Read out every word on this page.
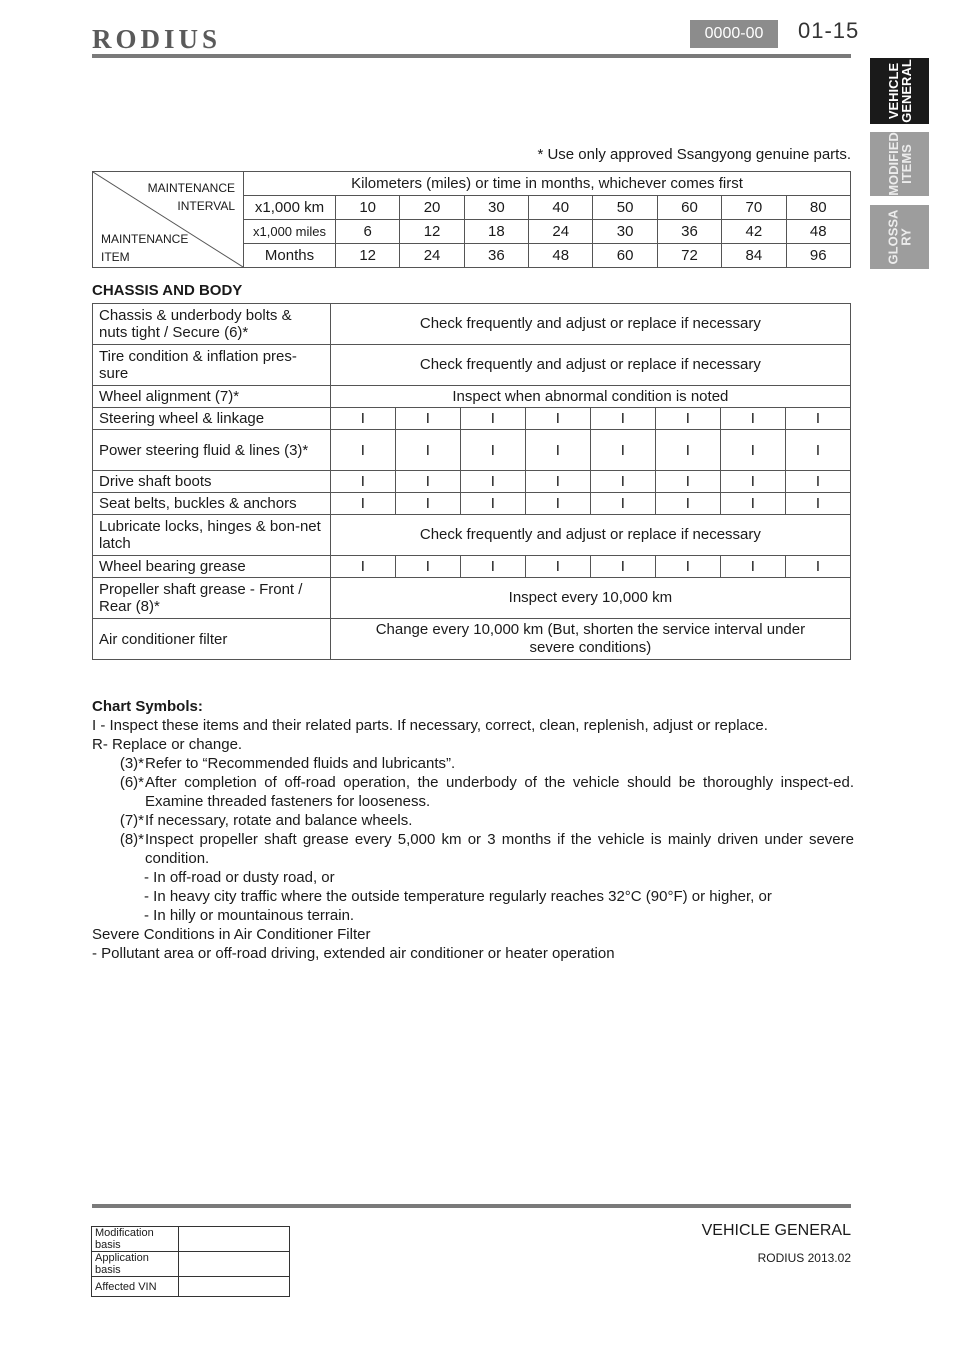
RODIUS	0000-00	01-15
VEHICLE
GENERAL
MODIFIED
ITEMS
GLOSSA
RY
* Use only approved Ssangyong genuine parts.
MAINTENANCE
INTERVAL
MAINTENANCE
ITEM	Kilometers (miles) or time in months, whichever comes first								
	x1,000 km	10	20	30	40	50	60	70	80
	x1,000 miles	6	12	18	24	30	36	42	48
	Months	12	24	36	48	60	72	84	96
CHASSIS AND BODY
Chassis & underbody bolts & nuts tight / Secure (6)*	Check frequently and adjust or replace if necessary							
Tire condition & inflation pres-sure	Check frequently and adjust or replace if necessary							
Wheel alignment (7)*	Inspect when abnormal condition is noted							
Steering wheel & linkage	I	I	I	I	I	I	I	I
Power steering fluid & lines (3)*	I	I	I	I	I	I	I	I
Drive shaft boots	I	I	I	I	I	I	I	I
Seat belts, buckles & anchors	I	I	I	I	I	I	I	I
Lubricate locks, hinges & bon-net latch	Check frequently and adjust or replace if necessary							
Wheel bearing grease	I	I	I	I	I	I	I	I
Propeller shaft grease - Front / Rear (8)*	Inspect every 10,000 km							
Air conditioner filter	Change every 10,000 km (But, shorten the service interval under severe conditions)							

Chart Symbols:

I - Inspect these items and their related parts. If necessary, correct, clean, replenish, adjust or replace.

R- Replace or change.

(3)* Refer to “Recommended fluids and lubricants”.
(6)* After completion of off-road operation, the underbody of the vehicle should be thoroughly inspect-ed. Examine threaded fasteners for looseness.
(7)* If necessary, rotate and balance wheels.
(8)* Inspect propeller shaft grease every 5,000 km or 3 months if the vehicle is mainly driven under severe condition.

- In off-road or dusty road, or

- In heavy city traffic where the outside temperature regularly reaches 32°C (90°F) or higher, or

- In hilly or mountainous terrain.

Severe Conditions in Air Conditioner Filter

- Pollutant area or off-road driving, extended air conditioner or heater operation

VEHICLE GENERAL
RODIUS 2013.02
Modification basis	
Application basis	
Affected VIN	
